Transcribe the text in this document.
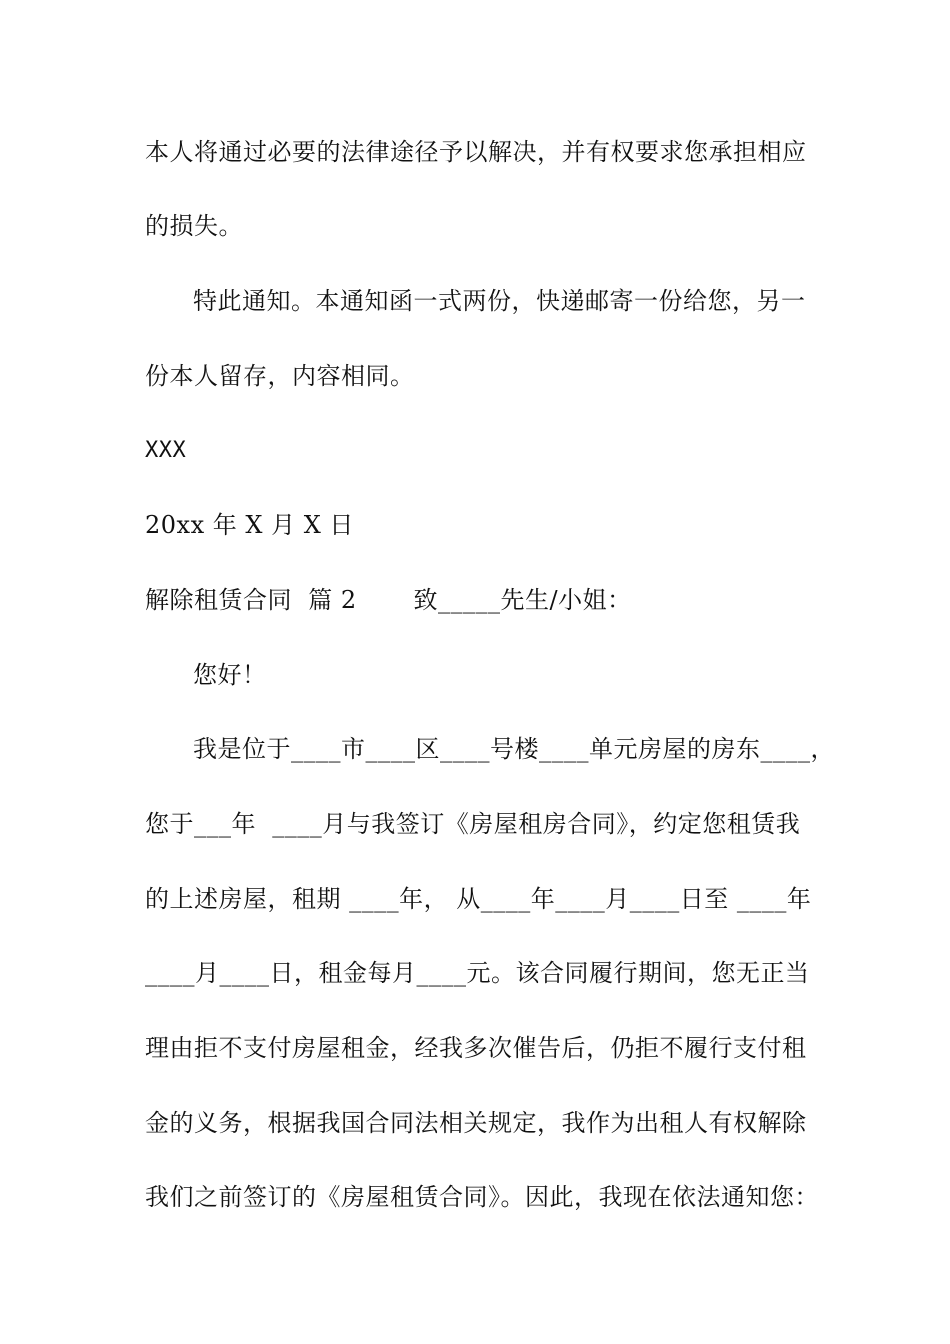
本人将通过必要的法律途径予以解决，并有权要求您承担相应
的损失。
特此通知。本通知函一式两份，快递邮寄一份给您，另一
份本人留存，内容相同。
XXX
20xx 年 X 月 X 日
解除租赁合同  篇 2       致_____先生/小姐：
您好！
我是位于____市____区____号楼____单元房屋的房东____，
您于___年  ____月与我签订《房屋租房合同》，约定您租赁我
的上述房屋，租期 ____年， 从____年____月____日至 ____年
____月____日，租金每月____元。该合同履行期间，您无正当
理由拒不支付房屋租金，经我多次催告后，仍拒不履行支付租
金的义务，根据我国合同法相关规定，我作为出租人有权解除
我们之前签订的《房屋租赁合同》。因此，我现在依法通知您：
